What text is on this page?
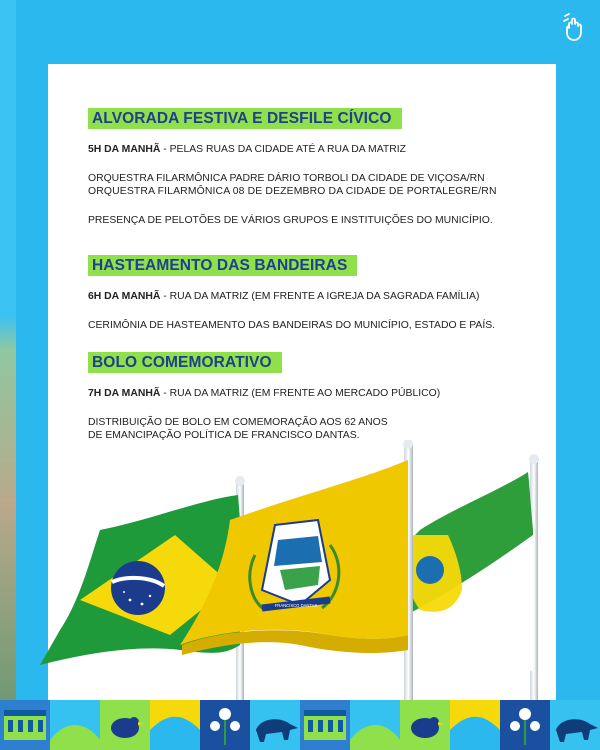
ALVORADA FESTIVA E DESFILE CÍVICO

5H DA MANHÃ - PELAS RUAS DA CIDADE ATÉ A RUA DA MATRIZ

ORQUESTRA FILARMÔNICA PADRE DÁRIO TORBOLI DA CIDADE DE VIÇOSA/RN

ORQUESTRA FILARMÔNICA 08 DE DEZEMBRO DA CIDADE DE PORTALEGRE/RN

PRESENÇA DE PELOTÕES DE VÁRIOS GRUPOS E INSTITUIÇÕES DO MUNICÍPIO.

HASTEAMENTO DAS BANDEIRAS

6H DA MANHÃ - RUA DA MATRIZ (EM FRENTE A IGREJA DA SAGRADA FAMÍLIA)

CERIMÔNIA DE HASTEAMENTO DAS BANDEIRAS DO MUNICÍPIO, ESTADO E PAÍS.

BOLO COMEMORATIVO

7H DA MANHÃ - RUA DA MATRIZ (EM FRENTE AO MERCADO PÚBLICO)

DISTRIBUIÇÃO DE BOLO EM COMEMORAÇÃO AOS 62 ANOS

DE EMANCIPAÇÃO POLÍTICA DE FRANCISCO DANTAS.

FRANCISCO DANTAS
